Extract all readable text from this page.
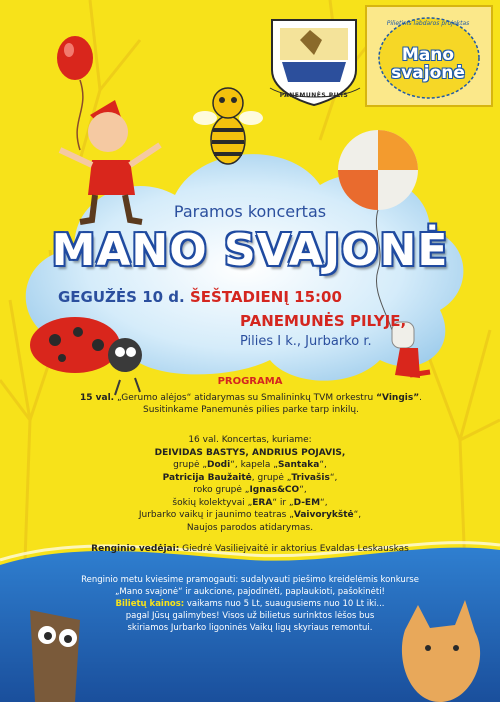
Pilietinis labdaros projektas
Mano svajonė
PANEMUNĖS PILIS
Paramos koncertas
MANO SVAJONĖ
GEGUŽĖS 10 d. ŠEŠTADIENĮ 15:00
PANEMUNĖS PILYJE,
Pilies I k., Jurbarko r.
PROGRAMA
15 val. „Gerumo alėjos“ atidarymas su Smalininkų TVM orkestru “Vingis”. Susitinkame Panemunės pilies parke tarp inkilų.
16 val. Koncertas, kuriame:
DEIVIDAS BASTYS, ANDRIUS POJAVIS,
grupė „Dodi“, kapela „Santaka“,
Patricija Baužaitė, grupė „Trivašis“,
roko grupė „Ignas&CO“,
šokių kolektyvai „ERA“ ir „D-EM“,
Jurbarko vaikų ir jaunimo teatras „Vaivorykštė“,
Naujos parodos atidarymas.
Renginio vedėjai: Giedrė Vasiliejvaitė ir aktorius Evaldas Leskauskas
Renginio metu kviesime pramogauti: sudalyvauti piešimo kreidelėmis konkurse
„Mano svajonė“ ir aukcione, pajodinėti, paplaukioti, pašokinėti!
Bilietų kainos: vaikams nuo 5 Lt, suaugusiems nuo 10 Lt iki...
pagal Jūsų galimybes! Visos už bilietus surinktos lėšos bus
skiriamos Jurbarko ligoninės Vaikų ligų skyriaus remontui.
